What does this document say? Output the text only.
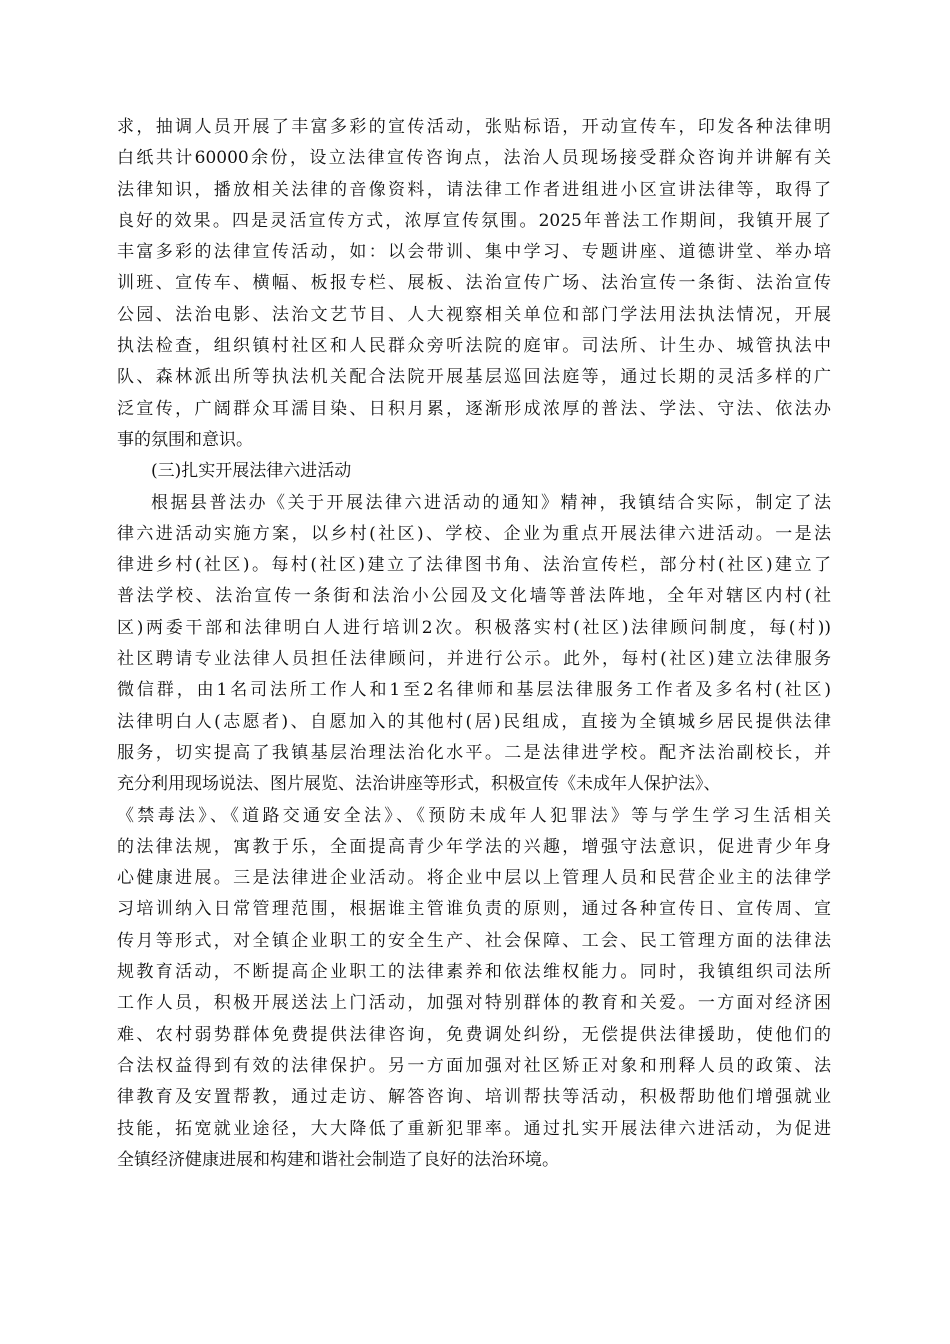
求，抽调人员开展了丰富多彩的宣传活动，张贴标语，开动宣传车，印发各种法律明
白纸共计60000余份，设立法律宣传咨询点，法治人员现场接受群众咨询并讲解有关
法律知识，播放相关法律的音像资料，请法律工作者进组进小区宣讲法律等，取得了
良好的效果。四是灵活宣传方式，浓厚宣传氛围。2025年普法工作期间，我镇开展了
丰富多彩的法律宣传活动，如：以会带训、集中学习、专题讲座、道德讲堂、举办培
训班、宣传车、横幅、板报专栏、展板、法治宣传广场、法治宣传一条街、法治宣传
公园、法治电影、法治文艺节目、人大视察相关单位和部门学法用法执法情况，开展
执法检查，组织镇村社区和人民群众旁听法院的庭审。司法所、计生办、城管执法中
队、森林派出所等执法机关配合法院开展基层巡回法庭等，通过长期的灵活多样的广
泛宣传，广阔群众耳濡目染、日积月累，逐渐形成浓厚的普法、学法、守法、依法办
事的氛围和意识。
(三)扎实开展法律六进活动
根据县普法办《关于开展法律六进活动的通知》精神，我镇结合实际，制定了法
律六进活动实施方案，以乡村(社区)、学校、企业为重点开展法律六进活动。一是法
律进乡村(社区)。每村(社区)建立了法律图书角、法治宣传栏，部分村(社区)建立了
普法学校、法治宣传一条街和法治小公园及文化墙等普法阵地，全年对辖区内村(社
区)两委干部和法律明白人进行培训2次。积极落实村(社区)法律顾问制度，每(村))
社区聘请专业法律人员担任法律顾问，并进行公示。此外，每村(社区)建立法律服务
微信群，由1名司法所工作人和1至2名律师和基层法律服务工作者及多名村(社区)
法律明白人(志愿者)、自愿加入的其他村(居)民组成，直接为全镇城乡居民提供法律
服务，切实提高了我镇基层治理法治化水平。二是法律进学校。配齐法治副校长，并
充分利用现场说法、图片展览、法治讲座等形式，积极宣传《未成年人保护法》、
《禁毒法》、《道路交通安全法》、《预防未成年人犯罪法》等与学生学习生活相关
的法律法规，寓教于乐，全面提高青少年学法的兴趣，增强守法意识，促进青少年身
心健康进展。三是法律进企业活动。将企业中层以上管理人员和民营企业主的法律学
习培训纳入日常管理范围，根据谁主管谁负责的原则，通过各种宣传日、宣传周、宣
传月等形式，对全镇企业职工的安全生产、社会保障、工会、民工管理方面的法律法
规教育活动，不断提高企业职工的法律素养和依法维权能力。同时，我镇组织司法所
工作人员，积极开展送法上门活动，加强对特别群体的教育和关爱。一方面对经济困
难、农村弱势群体免费提供法律咨询，免费调处纠纷，无偿提供法律援助，使他们的
合法权益得到有效的法律保护。另一方面加强对社区矫正对象和刑释人员的政策、法
律教育及安置帮教，通过走访、解答咨询、培训帮扶等活动，积极帮助他们增强就业
技能，拓宽就业途径，大大降低了重新犯罪率。通过扎实开展法律六进活动，为促进
全镇经济健康进展和构建和谐社会制造了良好的法治环境。
